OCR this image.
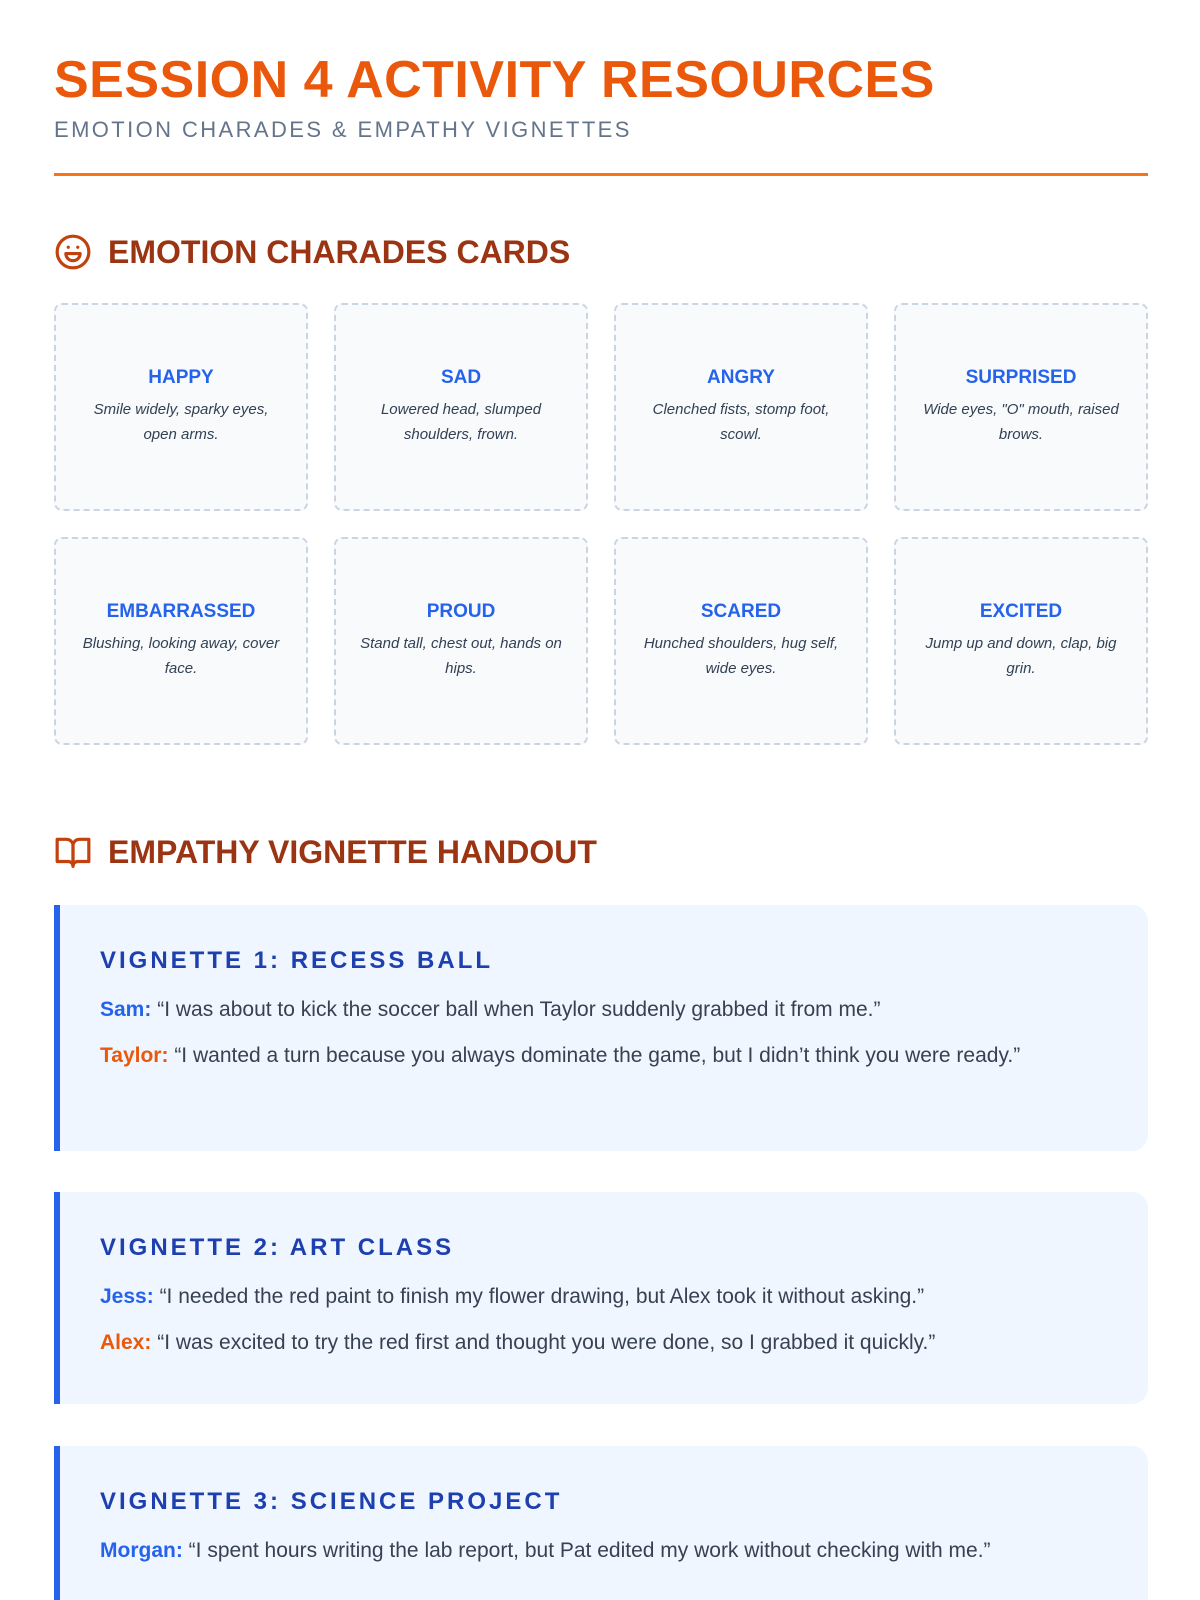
SESSION 4 ACTIVITY RESOURCES

EMOTION CHARADES & EMPATHY VIGNETTES

EMOTION CHARADES CARDS
HAPPY
Smile widely, sparky eyes, open arms.
SAD
Lowered head, slumped shoulders, frown.
ANGRY
Clenched fists, stomp foot, scowl.
SURPRISED
Wide eyes, "O" mouth, raised brows.
EMBARRASSED
Blushing, looking away, cover face.
PROUD
Stand tall, chest out, hands on hips.
SCARED
Hunched shoulders, hug self, wide eyes.
EXCITED
Jump up and down, clap, big grin.
EMPATHY VIGNETTE HANDOUT
VIGNETTE 1: RECESS BALL

Sam: “I was about to kick the soccer ball when Taylor suddenly grabbed it from me.”

Taylor: “I wanted a turn because you always dominate the game, but I didn’t think you were ready.”

VIGNETTE 2: ART CLASS

Jess: “I needed the red paint to finish my flower drawing, but Alex took it without asking.”

Alex: “I was excited to try the red first and thought you were done, so I grabbed it quickly.”

VIGNETTE 3: SCIENCE PROJECT

Morgan: “I spent hours writing the lab report, but Pat edited my work without checking with me.”
